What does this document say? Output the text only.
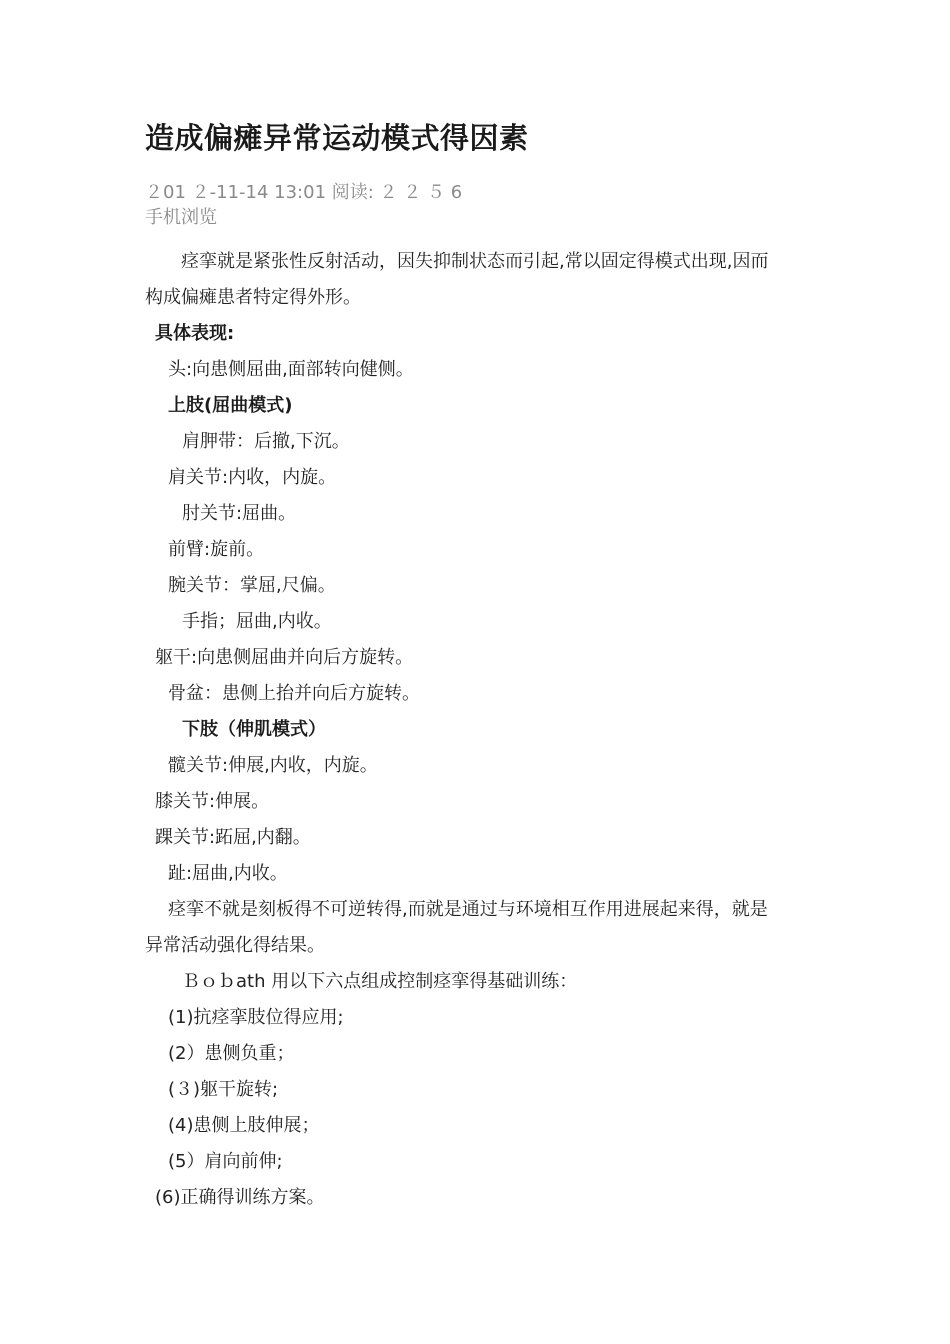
造成偏瘫异常运动模式得因素
２01 ２-11-14 13:01 阅读: ２ ２ ５ 6
手机浏览
痉挛就是紧张性反射活动，因失抑制状态而引起,常以固定得模式出现,因而
构成偏瘫患者特定得外形。
具体表现:
头:向患侧屈曲,面部转向健侧。
上肢(屈曲模式)
肩胛带：后撤,下沉。
肩关节:内收，内旋。
肘关节:屈曲。
前臂:旋前。
腕关节：掌屈,尺偏。
手指；屈曲,内收。
躯干:向患侧屈曲并向后方旋转。
骨盆：患侧上抬并向后方旋转。
下肢（伸肌模式）
髋关节:伸展,内收，内旋。
膝关节:伸展。
踝关节:跖屈,内翻。
趾:屈曲,内收。
痉挛不就是刻板得不可逆转得,而就是通过与环境相互作用进展起来得，就是
异常活动强化得结果。
Ｂｏｂath 用以下六点组成控制痉挛得基础训练：
(1)抗痉挛肢位得应用;
(2）患侧负重；
(３)躯干旋转;
(4)患侧上肢伸展；
(5）肩向前伸;
(6)正确得训练方案。
